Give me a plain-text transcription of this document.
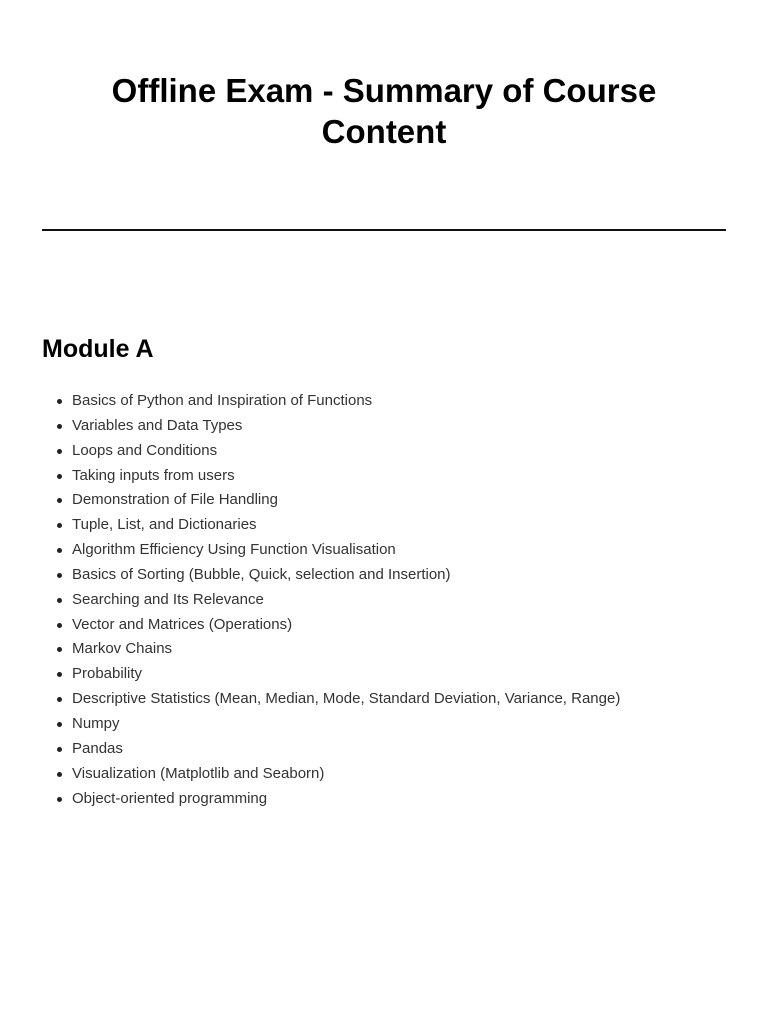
Offline Exam - Summary of Course Content
Module A
Basics of Python and Inspiration of Functions
Variables and Data Types
Loops and Conditions
Taking inputs from users
Demonstration of File Handling
Tuple, List, and Dictionaries
Algorithm Efficiency Using Function Visualisation
Basics of Sorting (Bubble, Quick, selection and Insertion)
Searching and Its Relevance
Vector and Matrices (Operations)
Markov Chains
Probability
Descriptive Statistics (Mean, Median, Mode, Standard Deviation, Variance, Range)
Numpy
Pandas
Visualization (Matplotlib and Seaborn)
Object-oriented programming
